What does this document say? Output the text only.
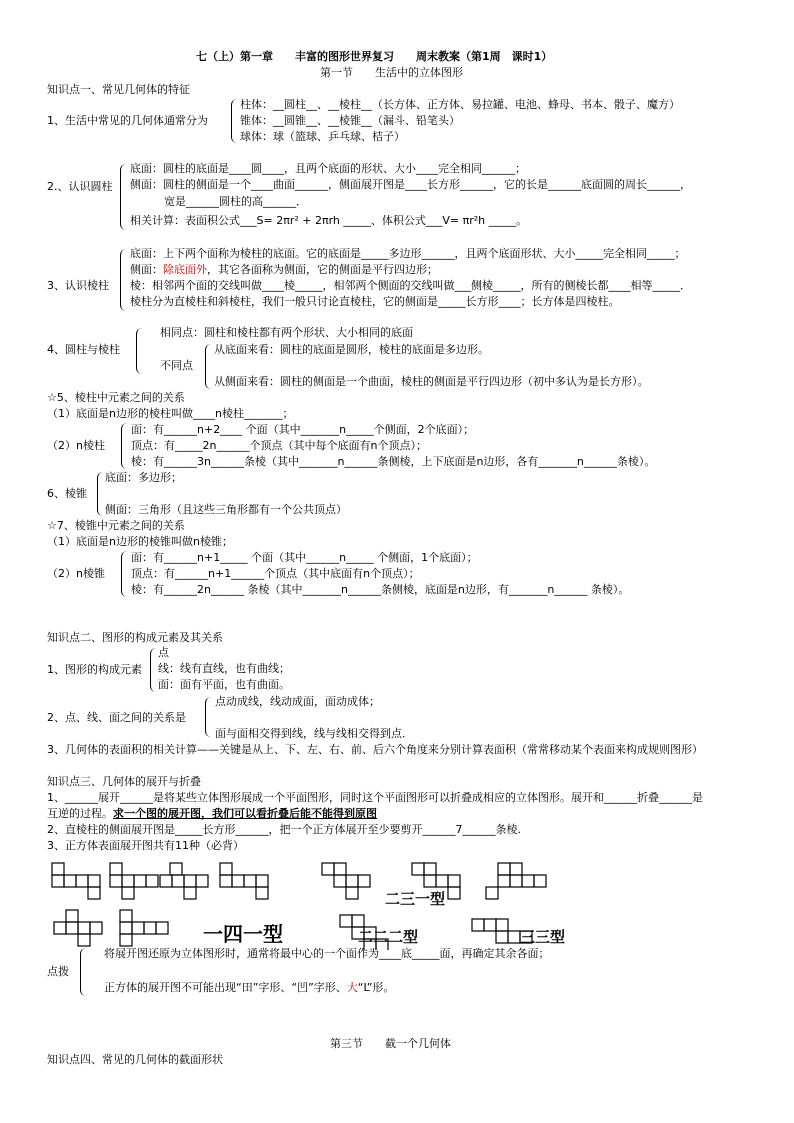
七（上）第一章　　丰富的图形世界复习　　周末教案（第1周　课时1）
第一节　　生活中的立体图形
知识点一、常见几何体的特征
1、生活中常见的几何体通常分为
柱体：__圆柱__、__棱柱__（长方体、正方体、易拉罐、电池、蜂母、书本、骰子、魔方）
锥体：__圆锥__、__棱锥__（漏斗、铅笔头）
球体：球（篮球、乒乓球、桔子）
2.、认识圆柱
底面：圆柱的底面是____圆____，且两个底面的形状、大小____完全相同______；
侧面：圆柱的侧面是一个____曲面______，侧面展开图是____长方形______，它的长是______底面圆的周长______，
宽是______圆柱的高______．
相关计算：表面积公式___S= 2πr² + 2πrh _____、体积公式___V= πr²h _____。
3、认识棱柱
底面：上下两个面称为棱柱的底面。它的底面是_____多边形______，且两个底面形状、大小_____完全相同_____；
侧面：除底面外，其它各面称为侧面，它的侧面是平行四边形；
棱：相邻两个面的交线叫做____棱_____，相邻两个侧面的交线叫做___侧棱_____，所有的侧棱长都____相等_____．
棱柱分为直棱柱和斜棱柱，我们一般只讨论直棱柱，它的侧面是_____长方形____；长方体是四棱柱。
4、圆柱与棱柱
相同点：圆柱和棱柱都有两个形状、大小相同的底面
不同点
从底面来看：圆柱的底面是圆形，棱柱的底面是多边形。
从侧面来看：圆柱的侧面是一个曲面，棱柱的侧面是平行四边形（初中多认为是长方形）。
☆5、棱柱中元素之间的关系
（1）底面是n边形的棱柱叫做____n棱柱_______；
（2）n棱柱
面：有______n+2____ 个面（其中_______n_____个侧面，2个底面）；
顶点：有_____2n______个顶点（其中每个底面有n个顶点）；
棱：有______3n______条棱（其中_______n______条侧棱，上下底面是n边形，各有_______n______条棱）。
6、棱锥
底面：多边形；
侧面：三角形（且这些三角形都有一个公共顶点）
☆7、棱锥中元素之间的关系
（1）底面是n边形的棱锥叫做n棱锥；
（2）n棱锥
面：有______n+1_____ 个面（其中______n_____ 个侧面，1个底面）；
顶点：有______n+1______个顶点（其中底面有n个顶点）；
棱：有______2n______ 条棱（其中_______n______条侧棱，底面是n边形，有_______n______ 条棱）。
知识点二、图形的构成元素及其关系
1、图形的构成元素
点
线：线有直线，也有曲线；
面：面有平面，也有曲面。
2、点、线、面之间的关系是
点动成线，线动成面，面动成体；
面与面相交得到线，线与线相交得到点．
3、几何体的表面积的相关计算——关键是从上、下、左、右、前、后六个角度来分别计算表面积（常常移动某个表面来构成规则图形）
知识点三、几何体的展开与折叠
1、______展开______是将某些立体图形展成一个平面图形，同时这个平面图形可以折叠成相应的立体图形。展开和______折叠______是
互逆的过程。求一个图的展开图，我们可以看折叠后能不能得到原图
2、直棱柱的侧面展开图是_____长方形______，把一个正方体展开至少要剪开______7______条棱.
3、正方体表面展开图共有11种（必背）
二三一型
一四一型	二二二型	三三型
点拨
将展开图还原为立体图形时，通常将最中心的一个面作为____底_____面，再确定其余各面；
正方体的展开图不可能出现“田”字形、“凹”字形、大“L”形。
第三节　　截一个几何体
知识点四、常见的几何体的截面形状
